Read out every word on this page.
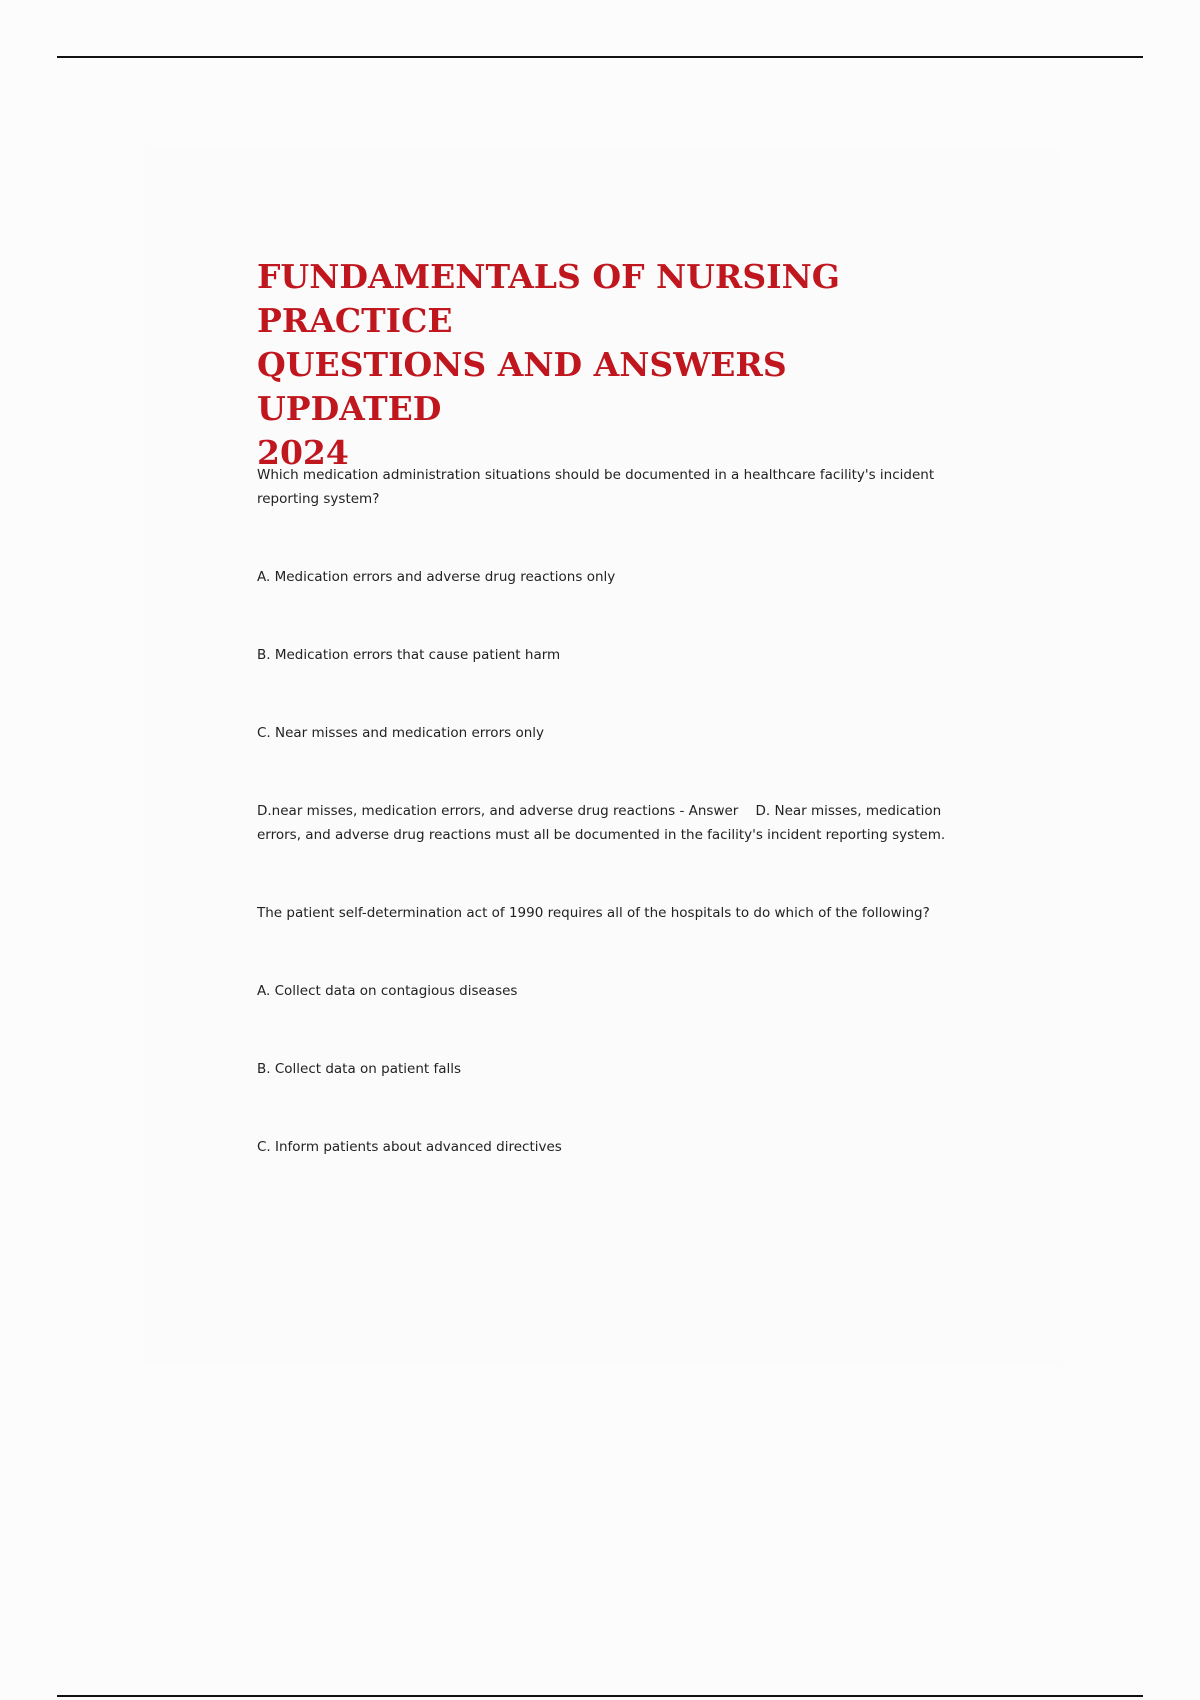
FUNDAMENTALS OF NURSING PRACTICE
QUESTIONS AND ANSWERS UPDATED
2024

Which medication administration situations should be documented in a healthcare facility's incident reporting system?

A. Medication errors and adverse drug reactions only

B. Medication errors that cause patient harm

C. Near misses and medication errors only

D.near misses, medication errors, and adverse drug reactions - Answer    D. Near misses, medication errors, and adverse drug reactions must all be documented in the facility's incident reporting system.

The patient self-determination act of 1990 requires all of the hospitals to do which of the following?

A. Collect data on contagious diseases

B. Collect data on patient falls

C. Inform patients about advanced directives
